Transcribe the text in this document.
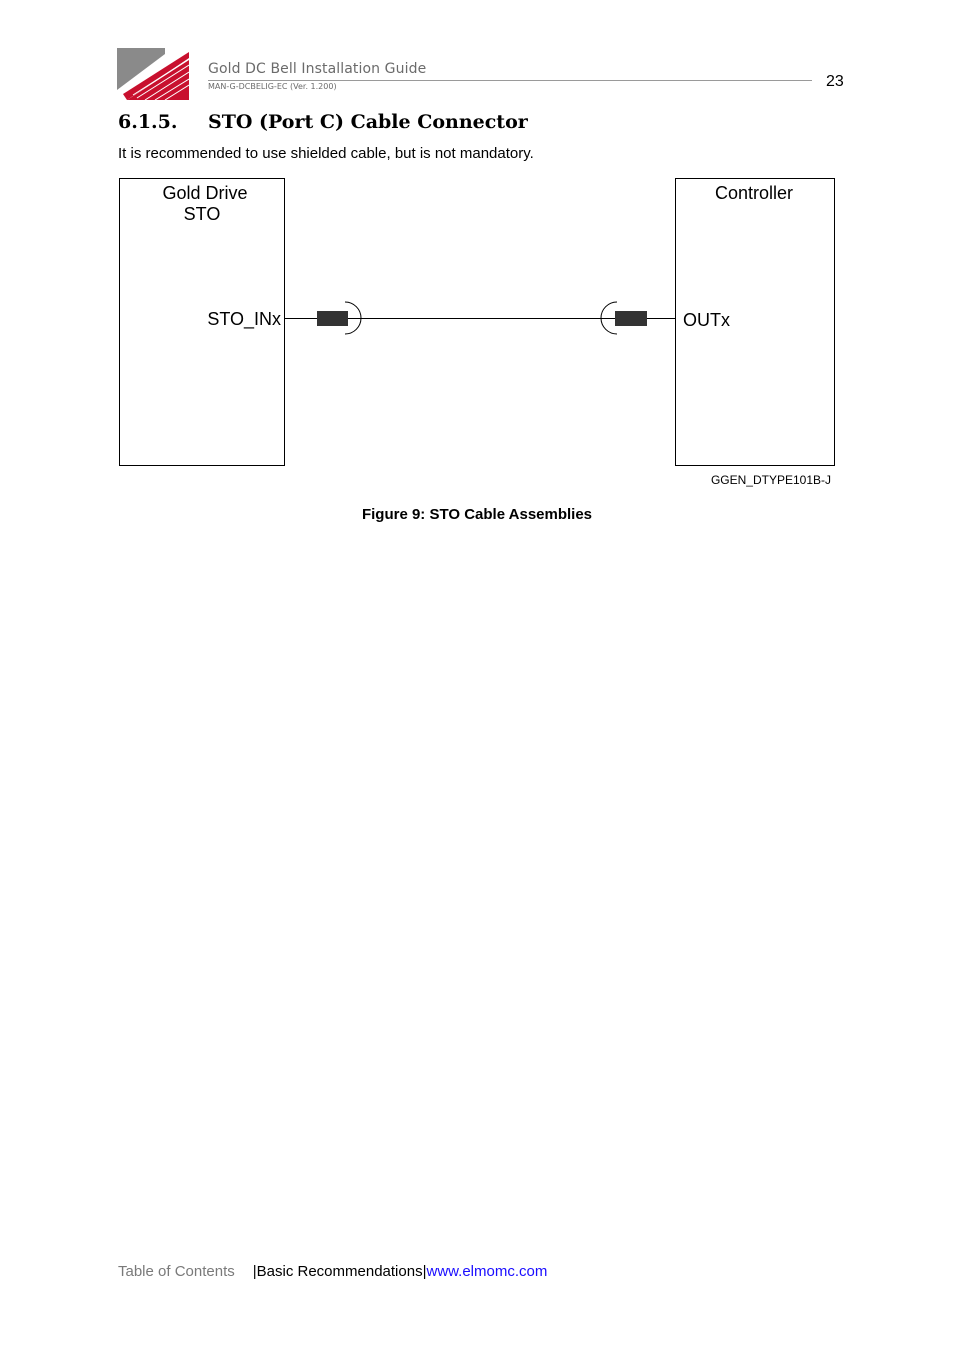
Gold DC Bell Installation Guide
MAN-G-DCBELIG-EC (Ver. 1.200)	23
6.1.5. STO (Port C) Cable Connector
It is recommended to use shielded cable, but is not mandatory.
Gold Drive
STO
STO_INx
Controller
OUTx
GGEN_DTYPE101B-J
Figure 9: STO Cable Assemblies
Table of Contents |Basic Recommendations|www.elmomc.com
